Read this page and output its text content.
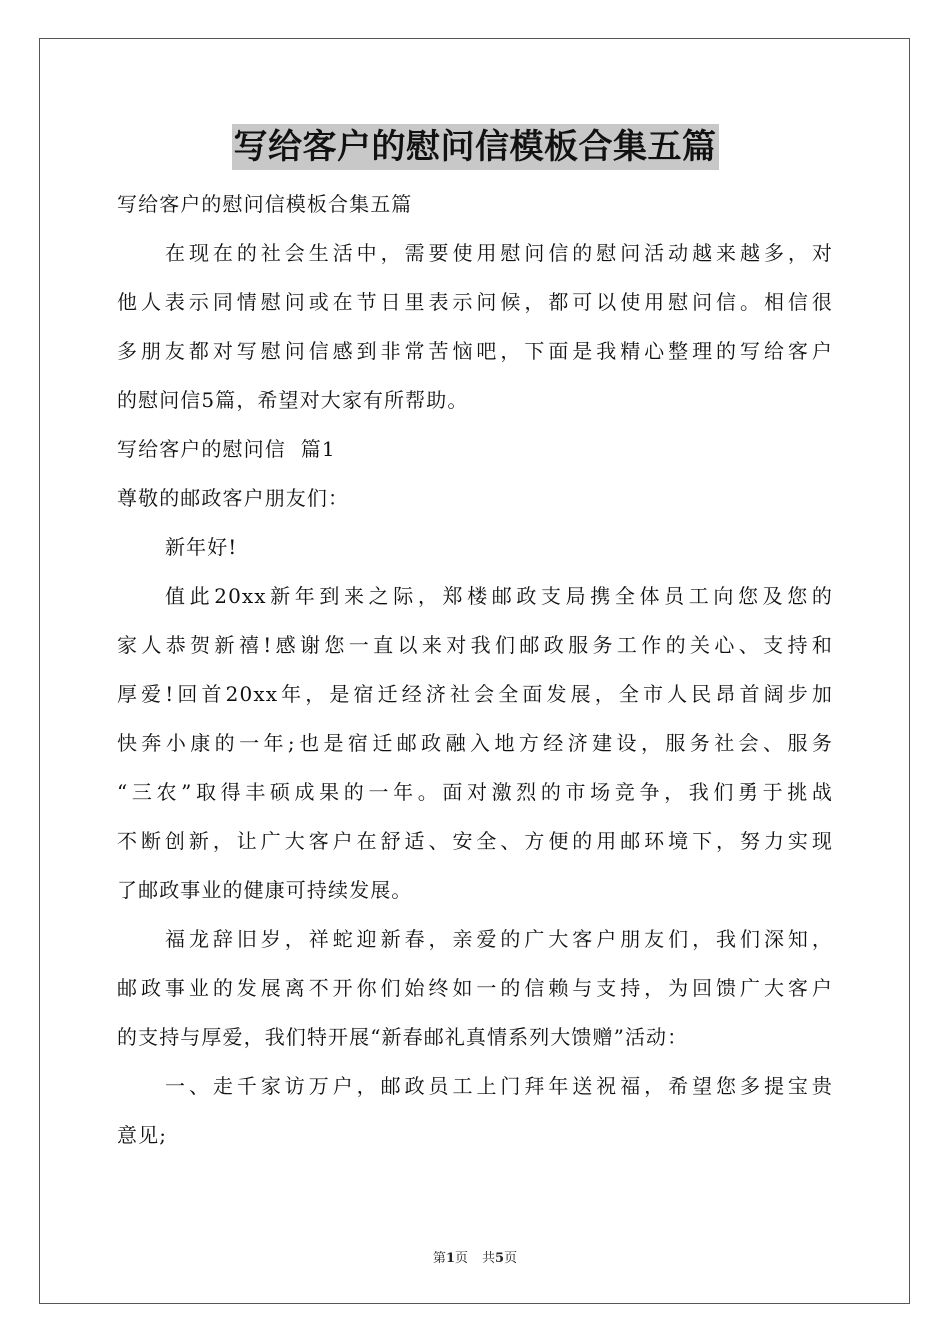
写给客户的慰问信模板合集五篇

写给客户的慰问信模板合集五篇

在现在的社会生活中，需要使用慰问信的慰问活动越来越多，对
他人表示同情慰问或在节日里表示问候，都可以使用慰问信。相信很
多朋友都对写慰问信感到非常苦恼吧，下面是我精心整理的写给客户
的慰问信5篇，希望对大家有所帮助。

写给客户的慰问信  篇1

尊敬的邮政客户朋友们：

新年好!

值此20xx新年到来之际，郑楼邮政支局携全体员工向您及您的
家人恭贺新禧!感谢您一直以来对我们邮政服务工作的关心、支持和
厚爱!回首20xx年，是宿迁经济社会全面发展，全市人民昂首阔步加
快奔小康的一年;也是宿迁邮政融入地方经济建设，服务社会、服务
“三农”取得丰硕成果的一年。面对激烈的市场竞争，我们勇于挑战
不断创新，让广大客户在舒适、安全、方便的用邮环境下，努力实现
了邮政事业的健康可持续发展。

福龙辞旧岁，祥蛇迎新春，亲爱的广大客户朋友们，我们深知，
邮政事业的发展离不开你们始终如一的信赖与支持，为回馈广大客户
的支持与厚爱，我们特开展“新春邮礼真情系列大馈赠”活动：

一、走千家访万户，邮政员工上门拜年送祝福，希望您多提宝贵
意见;

第1页 共5页
